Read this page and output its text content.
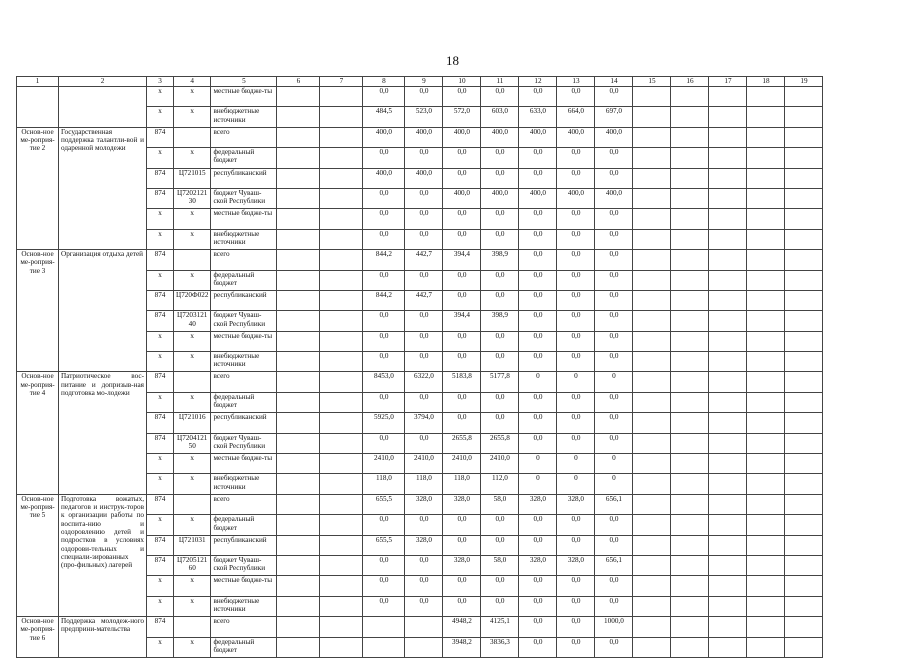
18
1	2	3	4	5	6	7	8	9	10	11	12	13	14	15	16	17	18	19
		x	x	местные бюдже-ты			0,0	0,0	0,0	0,0	0,0	0,0	0,0					
		x	x	внебюджетные источники			484,5	523,0	572,0	603,0	633,0	664,0	697,0					
Основ-ное ме-роприя-тие 2	Государственная поддержка талантли-вой и одаренной молодежи	874		всего			400,0	400,0	400,0	400,0	400,0	400,0	400,0					
		x	x	федеральный бюджет			0,0	0,0	0,0	0,0	0,0	0,0	0,0					
		874	Ц721015	республиканский			400,0	400,0	0,0	0,0	0,0	0,0	0,0					
		874	Ц7202121 30	бюджет Чуваш-ской Республики			0,0	0,0	400,0	400,0	400,0	400,0	400,0					
		x	x	местные бюдже-ты			0,0	0,0	0,0	0,0	0,0	0,0	0,0					
		x	x	внебюджетные источники			0,0	0,0	0,0	0,0	0,0	0,0	0,0					
Основ-ное ме-роприя-тие 3	Организация отдыха детей	874		всего			844,2	442,7	394,4	398,9	0,0	0,0	0,0					
		x	x	федеральный бюджет			0,0	0,0	0,0	0,0	0,0	0,0	0,0					
		874	Ц720Ф022	республиканский			844,2	442,7	0,0	0,0	0,0	0,0	0,0					
		874	Ц7203121 40	бюджет Чуваш-ской Республики			0,0	0,0	394,4	398,9	0,0	0,0	0,0					
		x	x	местные бюдже-ты			0,0	0,0	0,0	0,0	0,0	0,0	0,0					
		x	x	внебюджетные источники			0,0	0,0	0,0	0,0	0,0	0,0	0,0					
Основ-ное ме-роприя-тие 4	Патриотическое вос-питание и допризыв-ная подготовка мо-лодежи	874		всего			8453,0	6322,0	5183,8	5177,8	0	0	0					
		x	x	федеральный бюджет			0,0	0,0	0,0	0,0	0,0	0,0	0,0					
		874	Ц721016	республиканский			5925,0	3794,0	0,0	0,0	0,0	0,0	0,0					
		874	Ц7204121 50	бюджет Чуваш-ской Республики			0,0	0,0	2655,8	2655,8	0,0	0,0	0,0					
		x	x	местные бюдже-ты			2410,0	2410,0	2410,0	2410,0	0	0	0					
		x	x	внебюджетные источники			118,0	118,0	118,0	112,0	0	0	0					
Основ-ное ме-роприя-тие 5	Подготовка вожатых, педагогов и инструк-торов к организации работы по воспита-нию и оздоровлению детей и подростков в условиях оздорови-тельных и специали-зированных (про-фильных) лагерей	874		всего			655,5	328,0	328,0	58,0	328,0	328,0	656,1					
		x	x	федеральный бюджет			0,0	0,0	0,0	0,0	0,0	0,0	0,0					
		874	Ц721031	республиканский			655,5	328,0	0,0	0,0	0,0	0,0	0,0					
		874	Ц7205121 60	бюджет Чуваш-ской Республики			0,0	0,0	328,0	58,0	328,0	328,0	656,1					
		x	x	местные бюдже-ты			0,0	0,0	0,0	0,0	0,0	0,0	0,0					
		x	x	внебюджетные источники			0,0	0,0	0,0	0,0	0,0	0,0	0,0					
Основ-ное ме-роприя-тие 6	Поддержка молодеж-ного предприни-мательства	874		всего					4948,2	4125,1	0,0	0,0	1000,0					
		x	x	федеральный бюджет					3948,2	3836,3	0,0	0,0	0,0					
